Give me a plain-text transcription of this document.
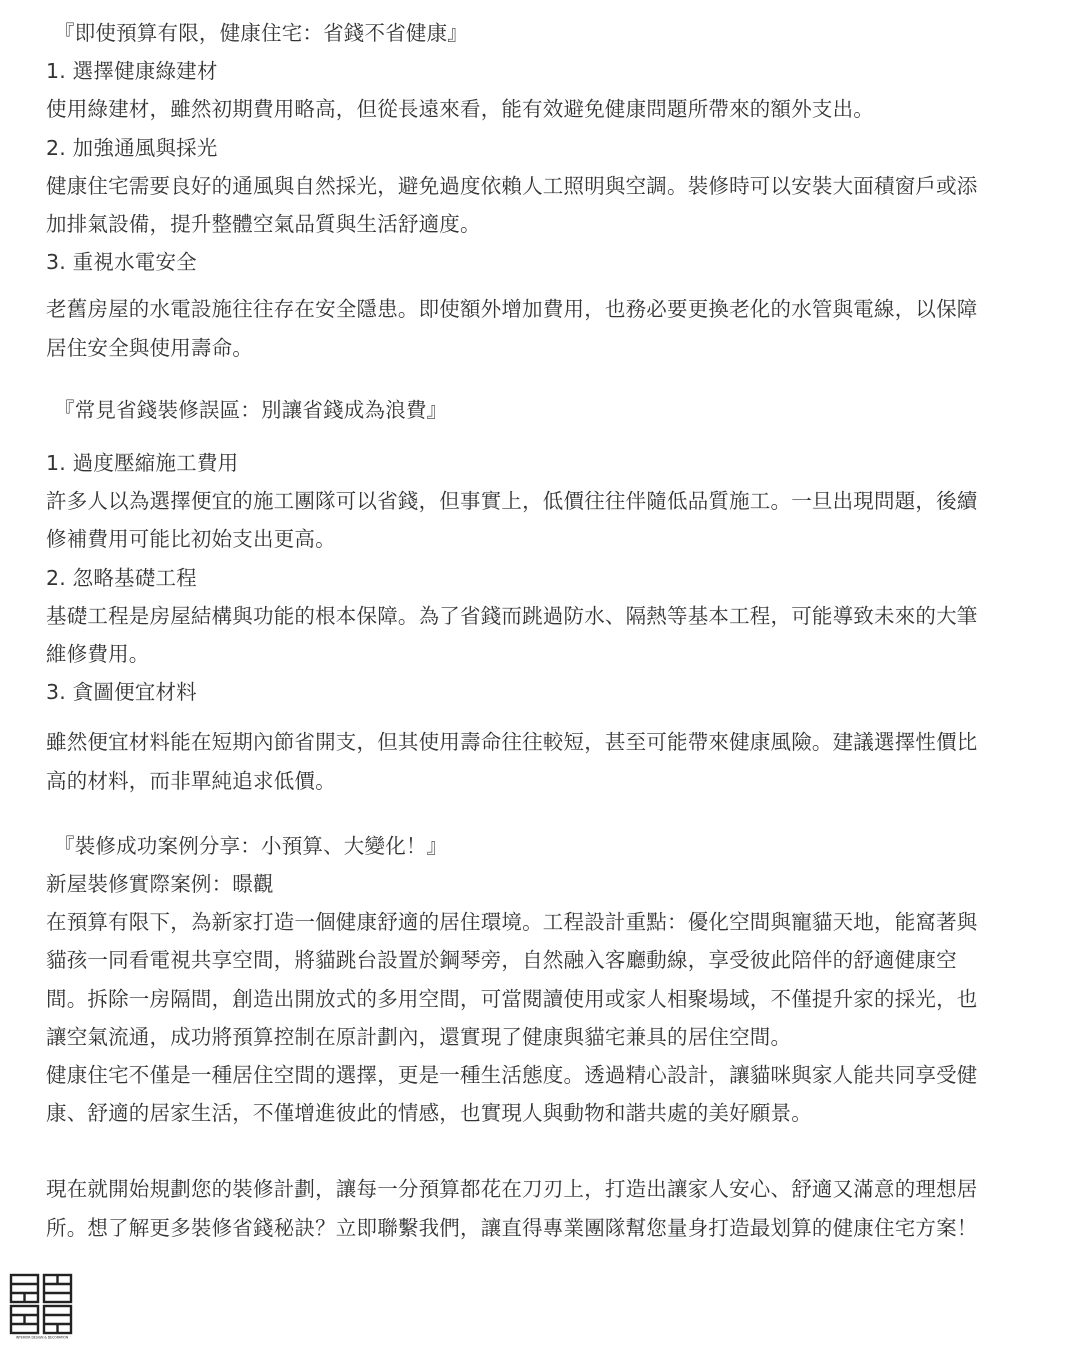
『即使預算有限，健康住宅：省錢不省健康』
1. 選擇健康綠建材
使用綠建材，雖然初期費用略高，但從長遠來看，能有效避免健康問題所帶來的額外支出。
2. 加強通風與採光
健康住宅需要良好的通風與自然採光，避免過度依賴人工照明與空調。裝修時可以安裝大面積窗戶或添
加排氣設備，提升整體空氣品質與生活舒適度。
3. 重視水電安全
老舊房屋的水電設施往往存在安全隱患。即使額外增加費用，也務必要更換老化的水管與電線，以保障
居住安全與使用壽命。
『常見省錢裝修誤區：別讓省錢成為浪費』
1. 過度壓縮施工費用
許多人以為選擇便宜的施工團隊可以省錢，但事實上，低價往往伴隨低品質施工。一旦出現問題，後續
修補費用可能比初始支出更高。
2. 忽略基礎工程
基礎工程是房屋結構與功能的根本保障。為了省錢而跳過防水、隔熱等基本工程，可能導致未來的大筆
維修費用。
3. 貪圖便宜材料
雖然便宜材料能在短期內節省開支，但其使用壽命往往較短，甚至可能帶來健康風險。建議選擇性價比
高的材料，而非單純追求低價。
『裝修成功案例分享：小預算、大變化！』
新屋裝修實際案例：暻觀
在預算有限下，為新家打造一個健康舒適的居住環境。工程設計重點：優化空間與寵貓天地，能窩著與
貓孩一同看電視共享空間，將貓跳台設置於鋼琴旁，自然融入客廳動線，享受彼此陪伴的舒適健康空
間。拆除一房隔間，創造出開放式的多用空間，可當閱讀使用或家人相聚場域，不僅提升家的採光，也
讓空氣流通，成功將預算控制在原計劃內，還實現了健康與貓宅兼具的居住空間。
健康住宅不僅是一種居住空間的選擇，更是一種生活態度。透過精心設計，讓貓咪與家人能共同享受健
康、舒適的居家生活，不僅增進彼此的情感，也實現人與動物和諧共處的美好願景。
現在就開始規劃您的裝修計劃，讓每一分預算都花在刀刃上，打造出讓家人安心、舒適又滿意的理想居
所。想了解更多裝修省錢秘訣？立即聯繫我們，讓直得專業團隊幫您量身打造最划算的健康住宅方案！
INTERIOR DESIGN & DECORATION
